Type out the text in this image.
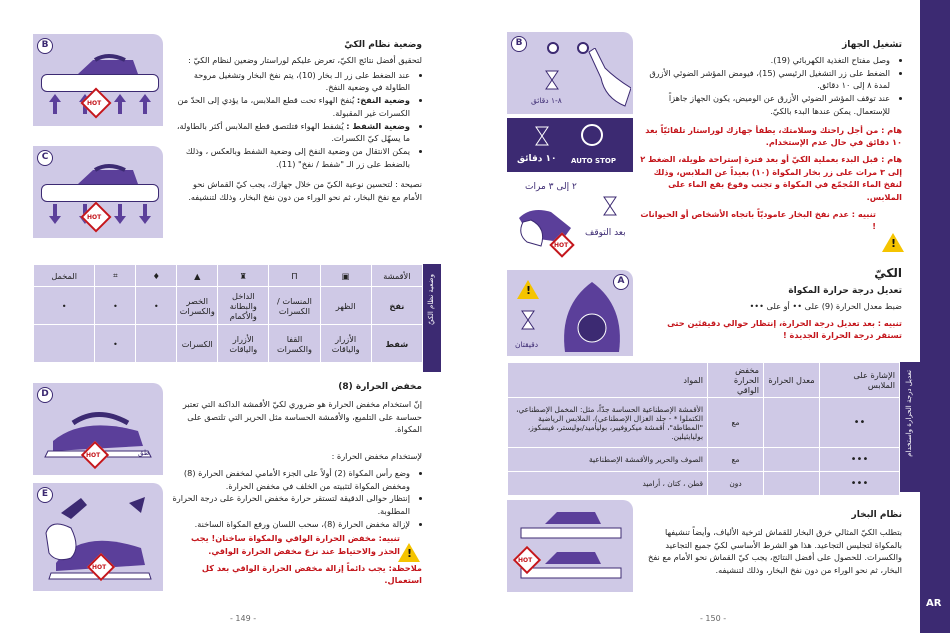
HOT
B
HOT
C
وضعية نظام الكيّ

لتحقيق أفضل نتائج الكيّ، تعرض عليكم لوراستار وضعين لنظام الكيّ :

• عند الضغط على زر الـ بخار (10)، يتم نفخ البخار وتشغيل مروحة الطاولة في وضعية النفخ.
• وضعية النفخ: يُنفخ الهواء تحت قطع الملابس، ما يؤدي إلى الحدّ من الكسرات غير المقبولة.
• وضعية الشفط : يُشفط الهواء فتلتصق قطع الملابس أكثر بالطاولة، ما يسهّل كيّ الكسرات.
• يمكن الانتقال من وضعية النفخ إلى وضعية الشفط وبالعكس ، وذلك بالضغط على زر الـ "شفط / نفخ" (11).

نصيحة : لتحسين نوعية الكيّ من خلال جهازك، يجب كيّ القماش نحو الأمام مع نفخ البخار، ثم نحو الوراء من دون نفخ البخار، وذلك لتنشيفه.

وضعية نظام الكيّ
المخمل	⌗	♦	▲	♜	Π	▣	الأقمشة
•	•	•	الخصر والكسرات	الداخل والبطانة والأكمام	المنسات / الكسرات	الظهر	نفخ
	•		الكسرات	الأزرار والياقات	القفا والكسرات	الأزرار والياقات	شفط
طق
HOT
D
HOT
E
مخفض الحرارة (8)

إنّ استخدام مخفض الحرارة هو ضروري لكيّ الأقمشة الداكنة التي تعتبر حساسة على التلميع، والأقمشة الحساسة مثل الحرير التي تلتصق على المكواة.

لإستخدام مخفض الحرارة :

• وضع رأس المكواة (2) أولاً على الجزء الأمامي لمخفض الحرارة (8) ومخفض المكواة لتثبيته من الخلف في مخفض الحرارة.
• إنتظار حوالى الدقيقة لتستقر حرارة مخفض الحرارة على درجة الحرارة المطلوبة.
• لإزالة مخفض الحرارة (8)، سحب اللسان ورفع المكواة الساخنة.

تنبيه: مخفض الحرارة الواقي والمكواة ساخنان! يجب الحذر والاحتياط عند نزع مخفض الحرارة الواقي.

ملاحظة: يجب دائماً إزالة مخفض الحرارة الواقي بعد كل استعمال.

!
- 149 -
٨-١ دقائق
B
١٠ دقائق AUTO STOP
٢ إلى ٣ مرات
بعد التوقف
HOT
!
دقيقتان
A
تشغيل الجهاز
• وصل مفتاح التغذية الكهربائي (19).
• الضغط على زر التشغيل الرئيسي (15)، فيومض المؤشر الضوئي الأزرق لمدة ٨ إلى ١٠ دقائق.
• عند توقف المؤشر الضوئي الأزرق عن الوميض، يكون الجهاز جاهزاً للإستعمال. يمكن عندها البدء بالكيّ.

هام : من أجل راحتك وسلامتك، يطفأ جهازك لوراستار تلقائيّاً بعد ١٠ دقائق في حال عدم الإستخدام.

هام : قبل البدء بعملية الكيّ أو بعد فترة إستراحة طويلة، الضغط ٢ إلى ٣ مرات على زر بخار المكواة (١٠) بعيداً عن الملابس، وذلك لنفخ الماء المُجمّع في المكواة و تجنب وقوع بقع الماء على الملابس.

تنبيه : عدم نفخ البخار عاموديّاً باتجاه الأشخاص أو الحيوانات !

!
الكيّ
تعديل درجة حرارة المكواة

ضبط معدل الحرارة (9) على •• أو على •••

تنبيه : بعد تعديل درجة الحرارة، إنتظار حوالي دقيقتَين حتى تستقر درجة الحرارة الجديدة !

تعديل درجة الحرارة واستخدام
الإشارة على الملابس	معدل الحرارة	مخفض الحرارة الواقي	المواد
••		مع	الأقمشة الإصطناعية الحساسة جدّاً، مثل: المخمل الإصطناعي، الكتملوا * - جلد الغزال الإصطناعي)، الملابس الرياضية "المطاطة"، أقمشة ميكروفيبر، بوليأميد/بوليستر، فيسكوز، بوليايثيلين.
•••		مع	الصوف والحرير والأقمشة الإصطناعية
•••		دون	قطن ، كتان ، أراميد
HOT
نظام البخار

بتطلب الكيّ المثالي خرق البخار للقماش لترخية الألياف، وأيضاً تنشيفها بالمكواة لتجليس التجاعيد. هذا هو الشرط الأساسي لكيّ جميع التجاعيد والكسرات. للحصول على أفضل النتائج، يجب كيّ القماش نحو الأمام مع نفخ البخار، ثم نحو الوراء من دون نفخ البخار، وذلك لتنشيفه.

AR
- 150 -
